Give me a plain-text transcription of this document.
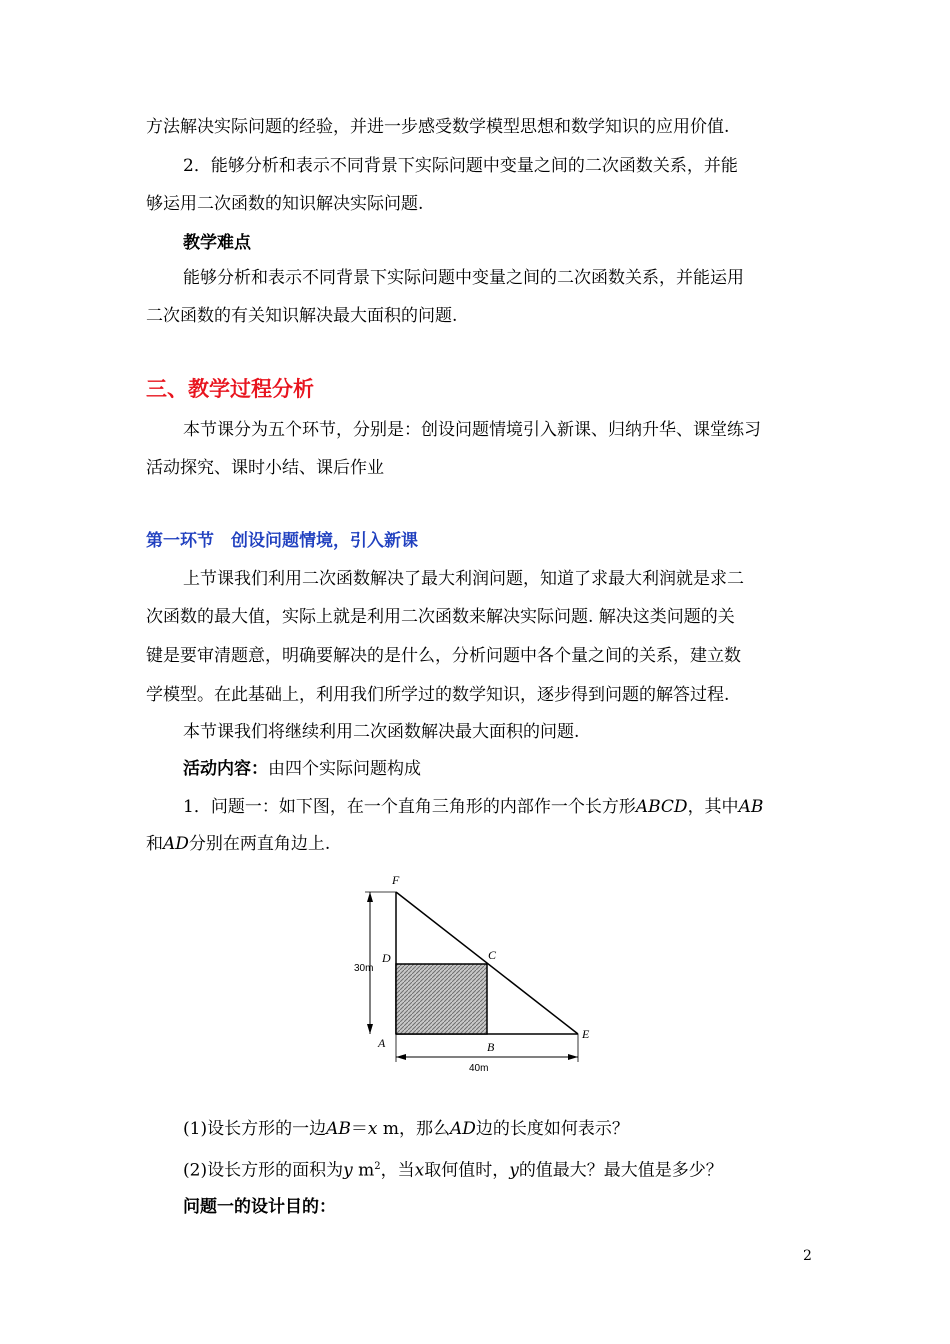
方法解决实际问题的经验，并进一步感受数学模型思想和数学知识的应用价值.
2．能够分析和表示不同背景下实际问题中变量之间的二次函数关系，并能
够运用二次函数的知识解决实际问题.
教学难点
能够分析和表示不同背景下实际问题中变量之间的二次函数关系，并能运用
二次函数的有关知识解决最大面积的问题.
三、教学过程分析
本节课分为五个环节，分别是：创设问题情境引入新课、归纳升华、课堂练习
活动探究、课时小结、课后作业
第一环节　创设问题情境，引入新课
上节课我们利用二次函数解决了最大利润问题，知道了求最大利润就是求二
次函数的最大值，实际上就是利用二次函数来解决实际问题. 解决这类问题的关
键是要审清题意，明确要解决的是什么，分析问题中各个量之间的关系，建立数
学模型。在此基础上，利用我们所学过的数学知识，逐步得到问题的解答过程.
本节课我们将继续利用二次函数解决最大面积的问题.
活动内容：由四个实际问题构成
1．问题一：如下图，在一个直角三角形的内部作一个长方形ABCD，其中AB
和AD分别在两直角边上.
F
C
D
A	B
E
30m
40m
(1)设长方形的一边AB＝x m，那么AD边的长度如何表示？
(2)设长方形的面积为y $m^2$，当x取何值时，y的值最大？最大值是多少？
问题一的设计目的：
2
